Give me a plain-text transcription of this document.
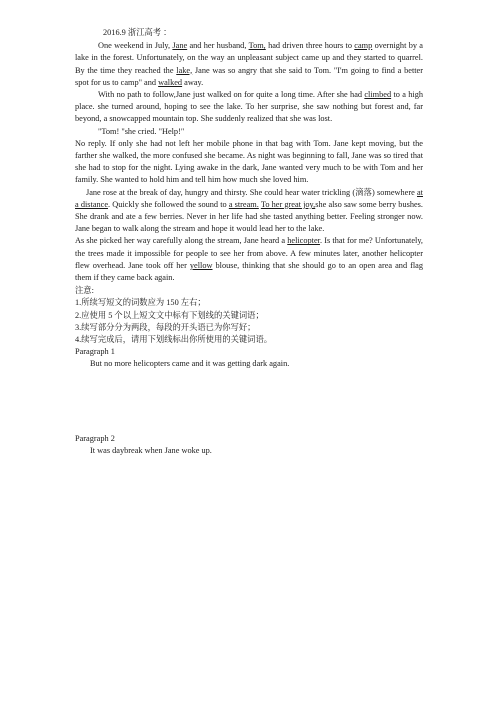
2016.9 浙江高考 ：

One weekend in July, Jane and her husband, Tom, had driven three hours to camp overnight by a lake in the forest. Unfortunately, on the way an unpleasant subject came up and they started to quarrel. By the time they reached the lake, Jane was so angry that she said to Tom. "I'm going to find a better spot for us to camp" and walked away.

With no path to follow,Jane just walked on for quite a long time. After she had climbed to a high place. she turned around, hoping to see the lake. To her surprise, she saw nothing but forest and, far beyond, a snowcapped mountain top. She suddenly realized that she was lost.

"Tom! "she cried. "Help!"

No reply. If only she had not left her mobile phone in that bag with Tom. Jane kept moving, but the farther she walked, the more confused she became. As night was beginning to fall, Jane was so tired that she had to stop for the night. Lying awake in the dark, Jane wanted very much to be with Tom and her family. She wanted to hold him and tell him how much she loved him.

Jane rose at the break of day, hungry and thirsty. She could hear water trickling (滴落) somewhere at a distance. Quickly she followed the sound to a stream. To her great joy,she also saw some berry bushes. She drank and ate a few berries. Never in her life had she tasted anything better. Feeling stronger now. Jane began to walk along the stream and hope it would lead her to the lake.

As she picked her way carefully along the stream, Jane heard a helicopter. Is that for me? Unfortunately, the trees made it impossible for people to see her from above. A few minutes later, another helicopter flew overhead. Jane took off her yellow blouse, thinking that she should go to an open area and flag them if they came back again.

注意:

1.所续写短文的词数应为 150 左右；

2.应使用 5 个以上短文文中标有下划线的关键词语；

3.续写部分分为两段，每段的开头语已为你写好；

4.续写完成后，请用下划线标出你所使用的关键词语。

Paragraph 1

But no more helicopters came and it was getting dark again.

Paragraph 2

It was daybreak when Jane woke up.
